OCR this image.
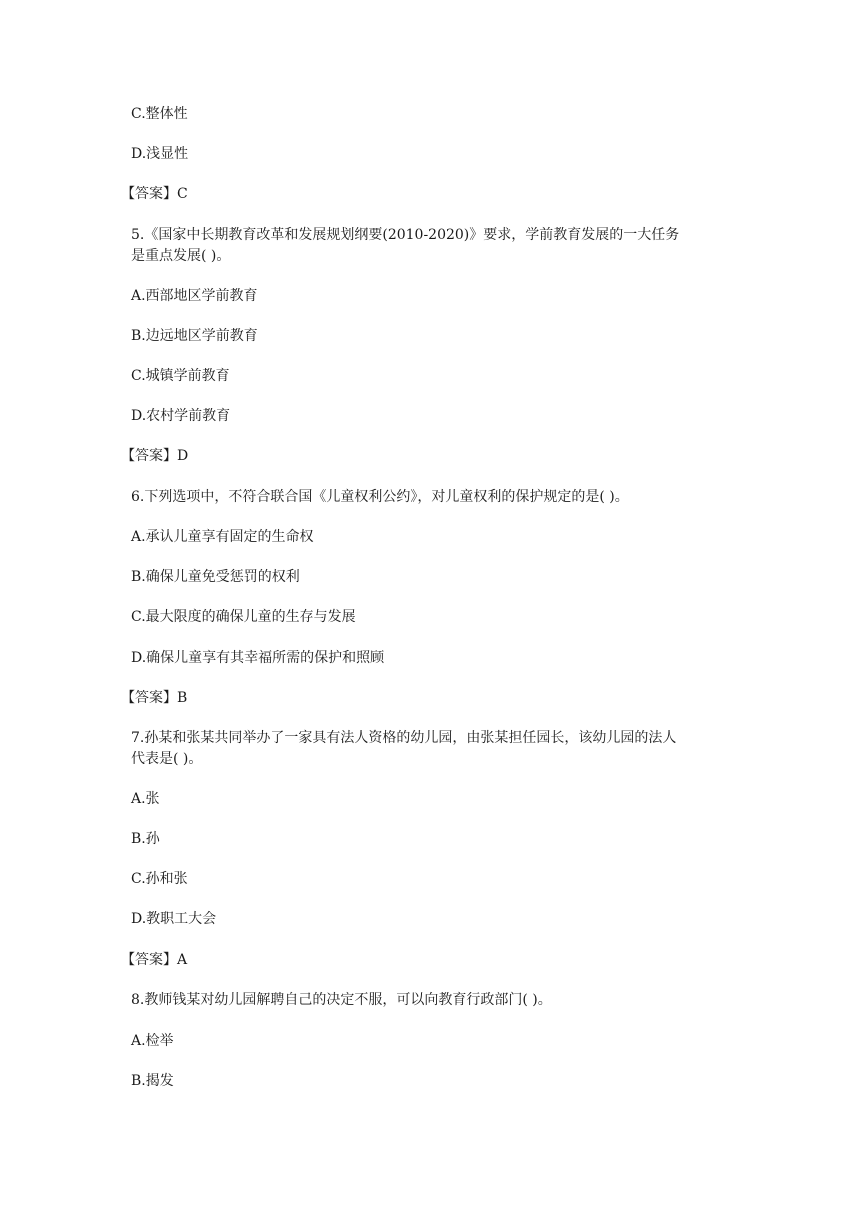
C.整体性
D.浅显性
【答案】C
5.《国家中长期教育改革和发展规划纲要(2010-2020)》要求，学前教育发展的一大任务
是重点发展( )。
A.西部地区学前教育
B.边远地区学前教育
C.城镇学前教育
D.农村学前教育
【答案】D
6.下列选项中，不符合联合国《儿童权利公约》，对儿童权利的保护规定的是( )。
A.承认儿童享有固定的生命权
B.确保儿童免受惩罚的权利
C.最大限度的确保儿童的生存与发展
D.确保儿童享有其幸福所需的保护和照顾
【答案】B
7.孙某和张某共同举办了一家具有法人资格的幼儿园，由张某担任园长，该幼儿园的法人
代表是( )。
A.张
B.孙
C.孙和张
D.教职工大会
【答案】A
8.教师钱某对幼儿园解聘自己的决定不服，可以向教育行政部门( )。
A.检举
B.揭发
